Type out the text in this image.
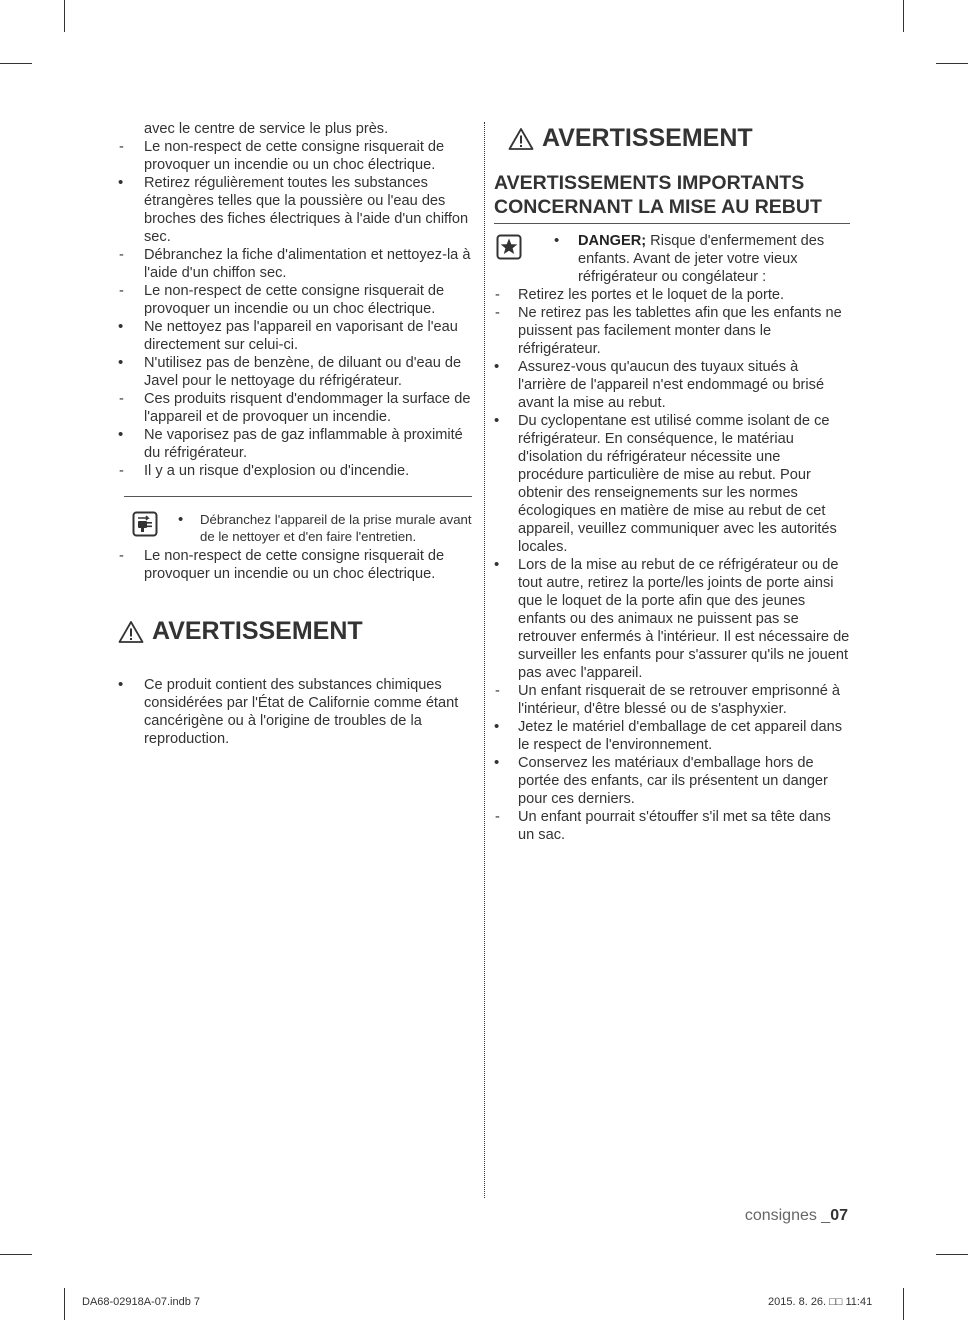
avec le centre de service le plus près.

-
Le non-respect de cette consigne risquerait de provoquer un incendie ou un choc électrique.

•
Retirez régulièrement toutes les substances étrangères telles que la poussière ou l'eau des broches des fiches électriques à l'aide d'un chiffon sec.

-
Débranchez la fiche d'alimentation et nettoyez-la à l'aide d'un chiffon sec.

-
Le non-respect de cette consigne risquerait de provoquer un incendie ou un choc électrique.

•
Ne nettoyez pas l'appareil en vaporisant de l'eau directement sur celui-ci.

•
N'utilisez pas de benzène, de diluant ou d'eau de Javel pour le nettoyage du réfrigérateur.

-
Ces produits risquent d'endommager la surface de l'appareil et de provoquer un incendie.

•
Ne vaporisez pas de gaz inflammable à proximité du réfrigérateur.

-
Il y a un risque d'explosion ou d'incendie.

•
Débranchez l'appareil de la prise murale avant de le nettoyer et d'en faire l'entretien.

-
Le non-respect de cette consigne risquerait de provoquer un incendie ou un choc électrique.

AVERTISSEMENT

•
Ce produit contient des substances chimiques considérées par l'État de Californie comme étant cancérigène ou à l'origine de troubles de la reproduction.

AVERTISSEMENT
AVERTISSEMENTS IMPORTANTS CONCERNANT LA MISE AU REBUT

•
DANGER; Risque d'enfermement des enfants. Avant de jeter votre vieux réfrigérateur ou congélateur :

-
Retirez les portes et le loquet de la porte.

-
Ne retirez pas les tablettes afin que les enfants ne puissent pas facilement monter dans le réfrigérateur.

•
Assurez-vous qu'aucun des tuyaux situés à l'arrière de l'appareil n'est endommagé ou brisé avant la mise au rebut.

•
Du cyclopentane est utilisé comme isolant de ce réfrigérateur. En conséquence, le matériau d'isolation du réfrigérateur nécessite une procédure particulière de mise au rebut. Pour obtenir des renseignements sur les normes écologiques en matière de mise au rebut de cet appareil, veuillez communiquer avec les autorités locales.

•
Lors de la mise au rebut de ce réfrigérateur ou de tout autre, retirez la porte/les joints de porte ainsi que le loquet de la porte afin que des jeunes enfants ou des animaux ne puissent pas se retrouver enfermés à l'intérieur. Il est nécessaire de surveiller les enfants pour s'assurer qu'ils ne jouent pas avec l'appareil.

-
Un enfant risquerait de se retrouver emprisonné à l'intérieur, d'être blessé ou de s'asphyxier.

•
Jetez le matériel d'emballage de cet appareil dans le respect de l'environnement.

•
Conservez les matériaux d'emballage hors de portée des enfants, car ils présentent un danger pour ces derniers.

-
Un enfant pourrait s'étouffer s'il met sa tête dans un sac.

consignes _07
DA68-02918A-07.indb 7	2015. 8. 26. □□ 11:41
